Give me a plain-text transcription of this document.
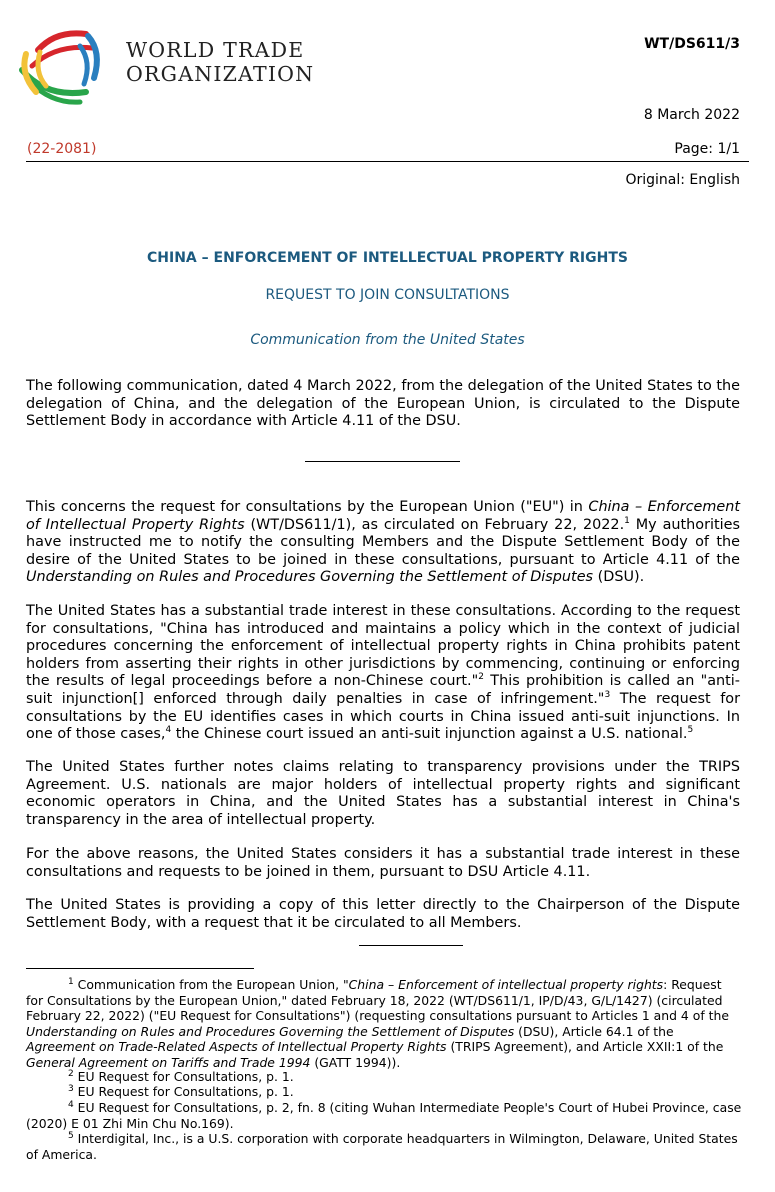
WORLD TRADE
ORGANIZATION
WT/DS611/3
8 March 2022
(22-2081)	Page: 1/1
Original: English
CHINA – ENFORCEMENT OF INTELLECTUAL PROPERTY RIGHTS
REQUEST TO JOIN CONSULTATIONS
Communication from the United States
The following communication, dated 4 March 2022, from the delegation of the United States to the delegation of China, and the delegation of the European Union, is circulated to the Dispute Settlement Body in accordance with Article 4.11 of the DSU.
This concerns the request for consultations by the European Union ("EU") in China – Enforcement of Intellectual Property Rights (WT/DS611/1), as circulated on February 22, 2022.$^1$ My authorities have instructed me to notify the consulting Members and the Dispute Settlement Body of the desire of the United States to be joined in these consultations, pursuant to Article 4.11 of the Understanding on Rules and Procedures Governing the Settlement of Disputes (DSU).
The United States has a substantial trade interest in these consultations. According to the request for consultations, "China has introduced and maintains a policy which in the context of judicial procedures concerning the enforcement of intellectual property rights in China prohibits patent holders from asserting their rights in other jurisdictions by commencing, continuing or enforcing the results of legal proceedings before a non-Chinese court."$^2$ This prohibition is called an "anti-suit injunction[] enforced through daily penalties in case of infringement."$^3$ The request for consultations by the EU identifies cases in which courts in China issued anti-suit injunctions. In one of those cases,$^4$ the Chinese court issued an anti-suit injunction against a U.S. national.$^5$
The United States further notes claims relating to transparency provisions under the TRIPS Agreement. U.S. nationals are major holders of intellectual property rights and significant economic operators in China, and the United States has a substantial interest in China's transparency in the area of intellectual property.
For the above reasons, the United States considers it has a substantial trade interest in these consultations and requests to be joined in them, pursuant to DSU Article 4.11.
The United States is providing a copy of this letter directly to the Chairperson of the Dispute Settlement Body, with a request that it be circulated to all Members.
$^1$ Communication from the European Union, "China – Enforcement of intellectual property rights: Request for Consultations by the European Union," dated February 18, 2022 (WT/DS611/1, IP/D/43, G/L/1427) (circulated February 22, 2022) ("EU Request for Consultations") (requesting consultations pursuant to Articles 1 and 4 of the Understanding on Rules and Procedures Governing the Settlement of Disputes (DSU), Article 64.1 of the Agreement on Trade-Related Aspects of Intellectual Property Rights (TRIPS Agreement), and Article XXII:1 of the General Agreement on Tariffs and Trade 1994 (GATT 1994)).
$^2$ EU Request for Consultations, p. 1.
$^3$ EU Request for Consultations, p. 1.
$^4$ EU Request for Consultations, p. 2, fn. 8 (citing Wuhan Intermediate People's Court of Hubei Province, case (2020) E 01 Zhi Min Chu No.169).
$^5$ Interdigital, Inc., is a U.S. corporation with corporate headquarters in Wilmington, Delaware, United States of America.
